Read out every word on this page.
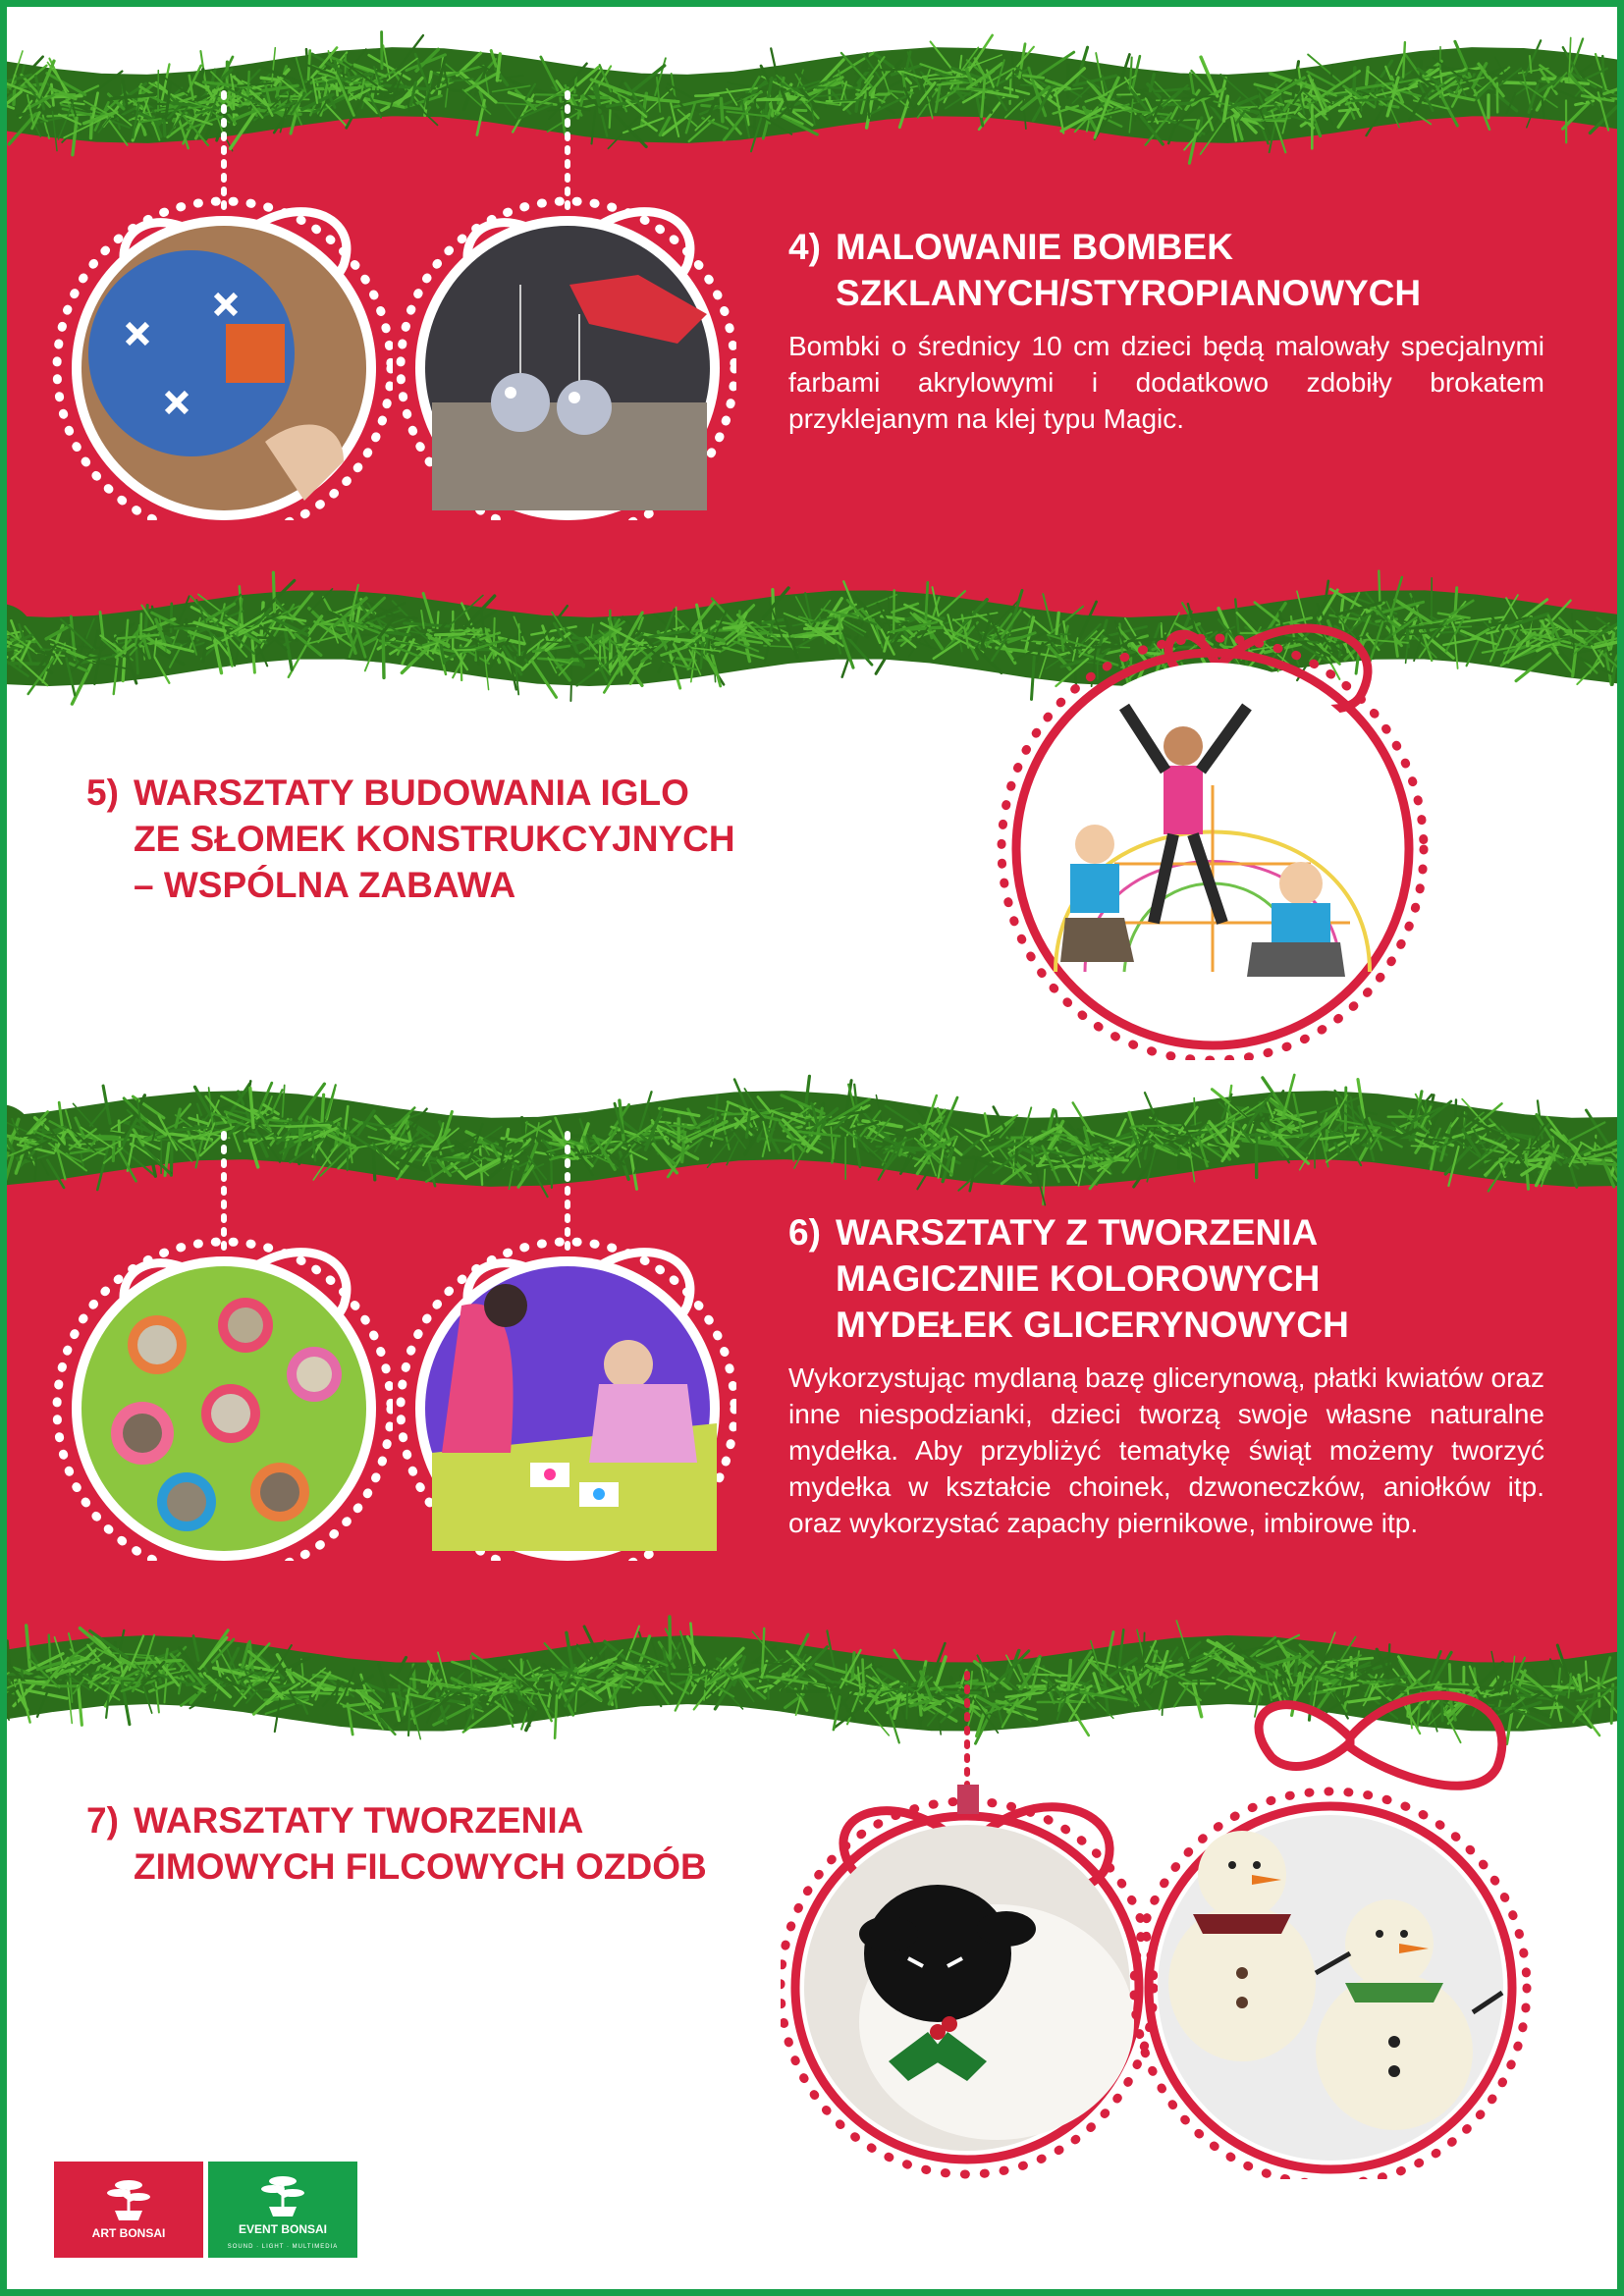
4) MALOWANIE BOMBEK
SZKLANYCH/STYROPIANOWYCH

Bombki o średnicy 10 cm dzieci będą malowały specjalnymi farbami akrylowymi i dodatkowo zdobiły brokatem przyklejanym na klej typu Magic.

5) WARSZTATY BUDOWANIA IGLO
ZE SŁOMEK KONSTRUKCYJNYCH
– WSPÓLNA ZABAWA
6) WARSZTATY Z TWORZENIA
MAGICZNIE KOLOROWYCH
MYDEŁEK GLICERYNOWYCH

Wykorzystując mydlaną bazę glicerynową, płatki kwiatów oraz inne niespodzianki, dzieci tworzą swoje własne naturalne mydełka. Aby przybliżyć tematykę świąt możemy tworzyć mydełka w kształcie choinek, dzwoneczków, aniołków itp. oraz wykorzystać zapachy piernikowe, imbirowe itp.

7) WARSZTATY TWORZENIA
ZIMOWYCH FILCOWYCH OZDÓB
ART BONSAI	EVENT BONSAI
SOUND · LIGHT · MULTIMEDIA
